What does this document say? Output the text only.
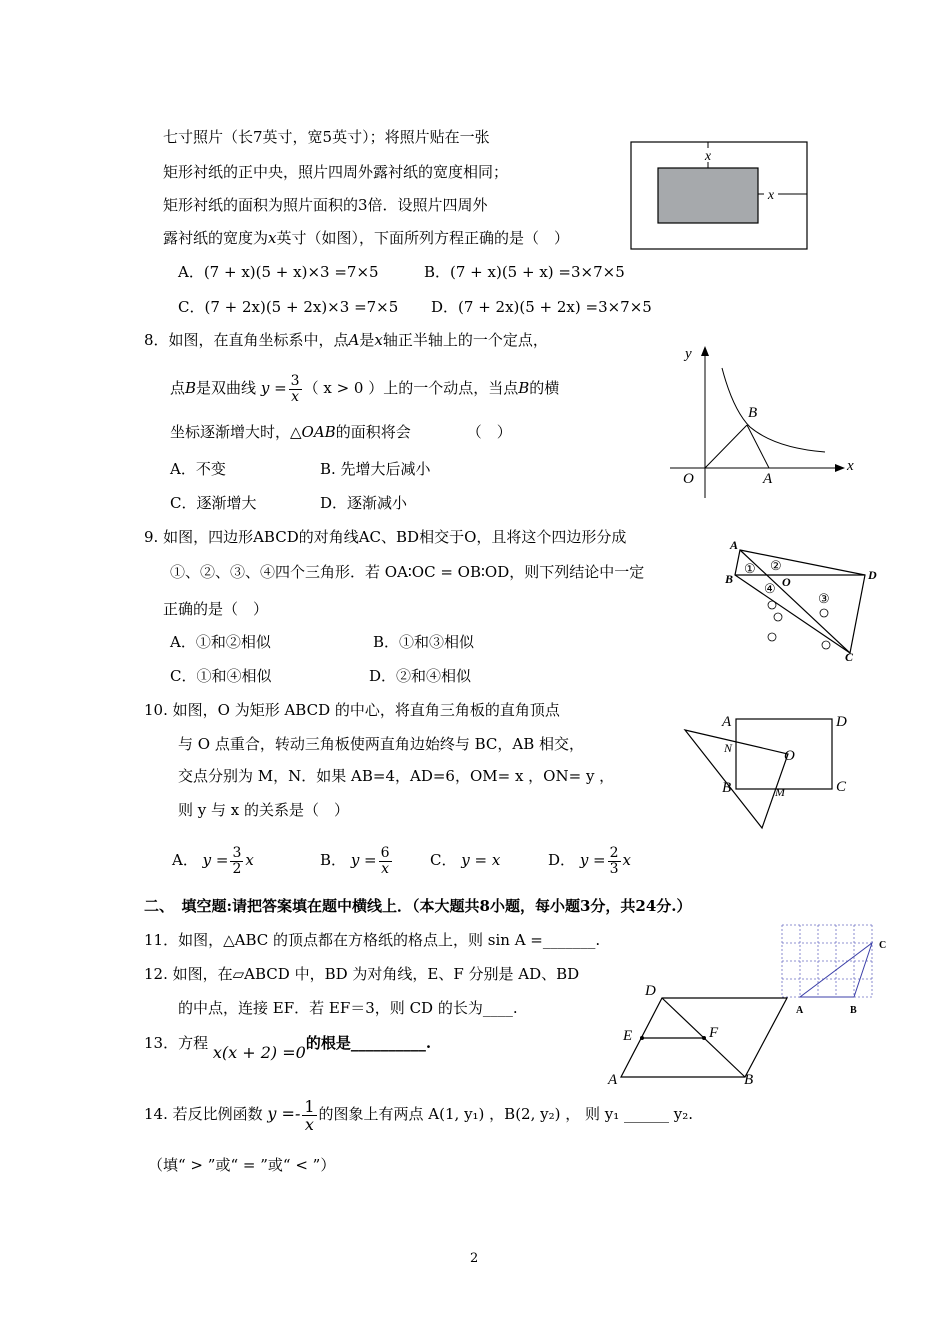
七寸照片（长7英寸，宽5英寸）；将照片贴在一张
矩形衬纸的正中央，照片四周外露衬纸的宽度相同；
矩形衬纸的面积为照片面积的3倍．设照片四周外
露衬纸的宽度为x英寸（如图），下面所列方程正确的是（　）
A．(7 + x)(5 + x)×3 =7×5	B．(7 + x)(5 + x) =3×7×5
C．(7 + 2x)(5 + 2x)×3 =7×5 D．(7 + 2x)(5 + 2x) =3×7×5
x
x
8．如图，在直角坐标系中，点A是x轴正半轴上的一个定点，
点B是双曲线 $y = \frac{3}{x}$ （ x > 0 ）上的一个动点，当点B的横
坐标逐渐增大时，△OAB的面积将会	（　）
A．不变	B. 先增大后减小
C．逐渐增大	D．逐渐减小
y
x
O	A
B
9. 如图，四边形ABCD的对角线AC、BD相交于O，且将这个四边形分成
①、②、③、④四个三角形．若 OA∶OC = OB∶OD，则下列结论中一定
正确的是（　）
A．①和②相似	B．①和③相似
C．①和④相似	D．②和④相似
A
B	D
C
O
① ②
③
④
10. 如图，O 为矩形 ABCD 的中心，将直角三角板的直角顶点
与 O 点重合，转动三角板使两直角边始终与 BC，AB 相交，
交点分别为 M，N．如果 AB=4，AD=6，OM= x ，ON= y ，
则 y 与 x 的关系是（　）
A． $y = \frac{3}{2}$ x	B． $y = \frac{6}{x}$	C． y = x	D． $y = \frac{2}{3}$ x
A	D
B	C
O
N
M
二、　填空题:请把答案填在题中横线上．（本大题共8小题，每小题3分，共24分.）
11．如图，△ABC 的顶点都在方格纸的格点上，则 sin A =_______.
A	B
C
12. 如图，在▱ABCD 中，BD 为对角线，E、F 分别是 AD、BD
的中点，连接 EF．若 EF＝3，则 CD 的长为____.
D
E	F
A	B
13．方程 x(x + 2) =0的根是__________.
14. 若反比例函数 $y =- \frac{1}{x}$ 的图象上有两点 A(1, y₁) ，B(2, y₂) ， 则 y₁ ______ y₂.
（填“ > ”或“ = ”或“ < ”）
2
